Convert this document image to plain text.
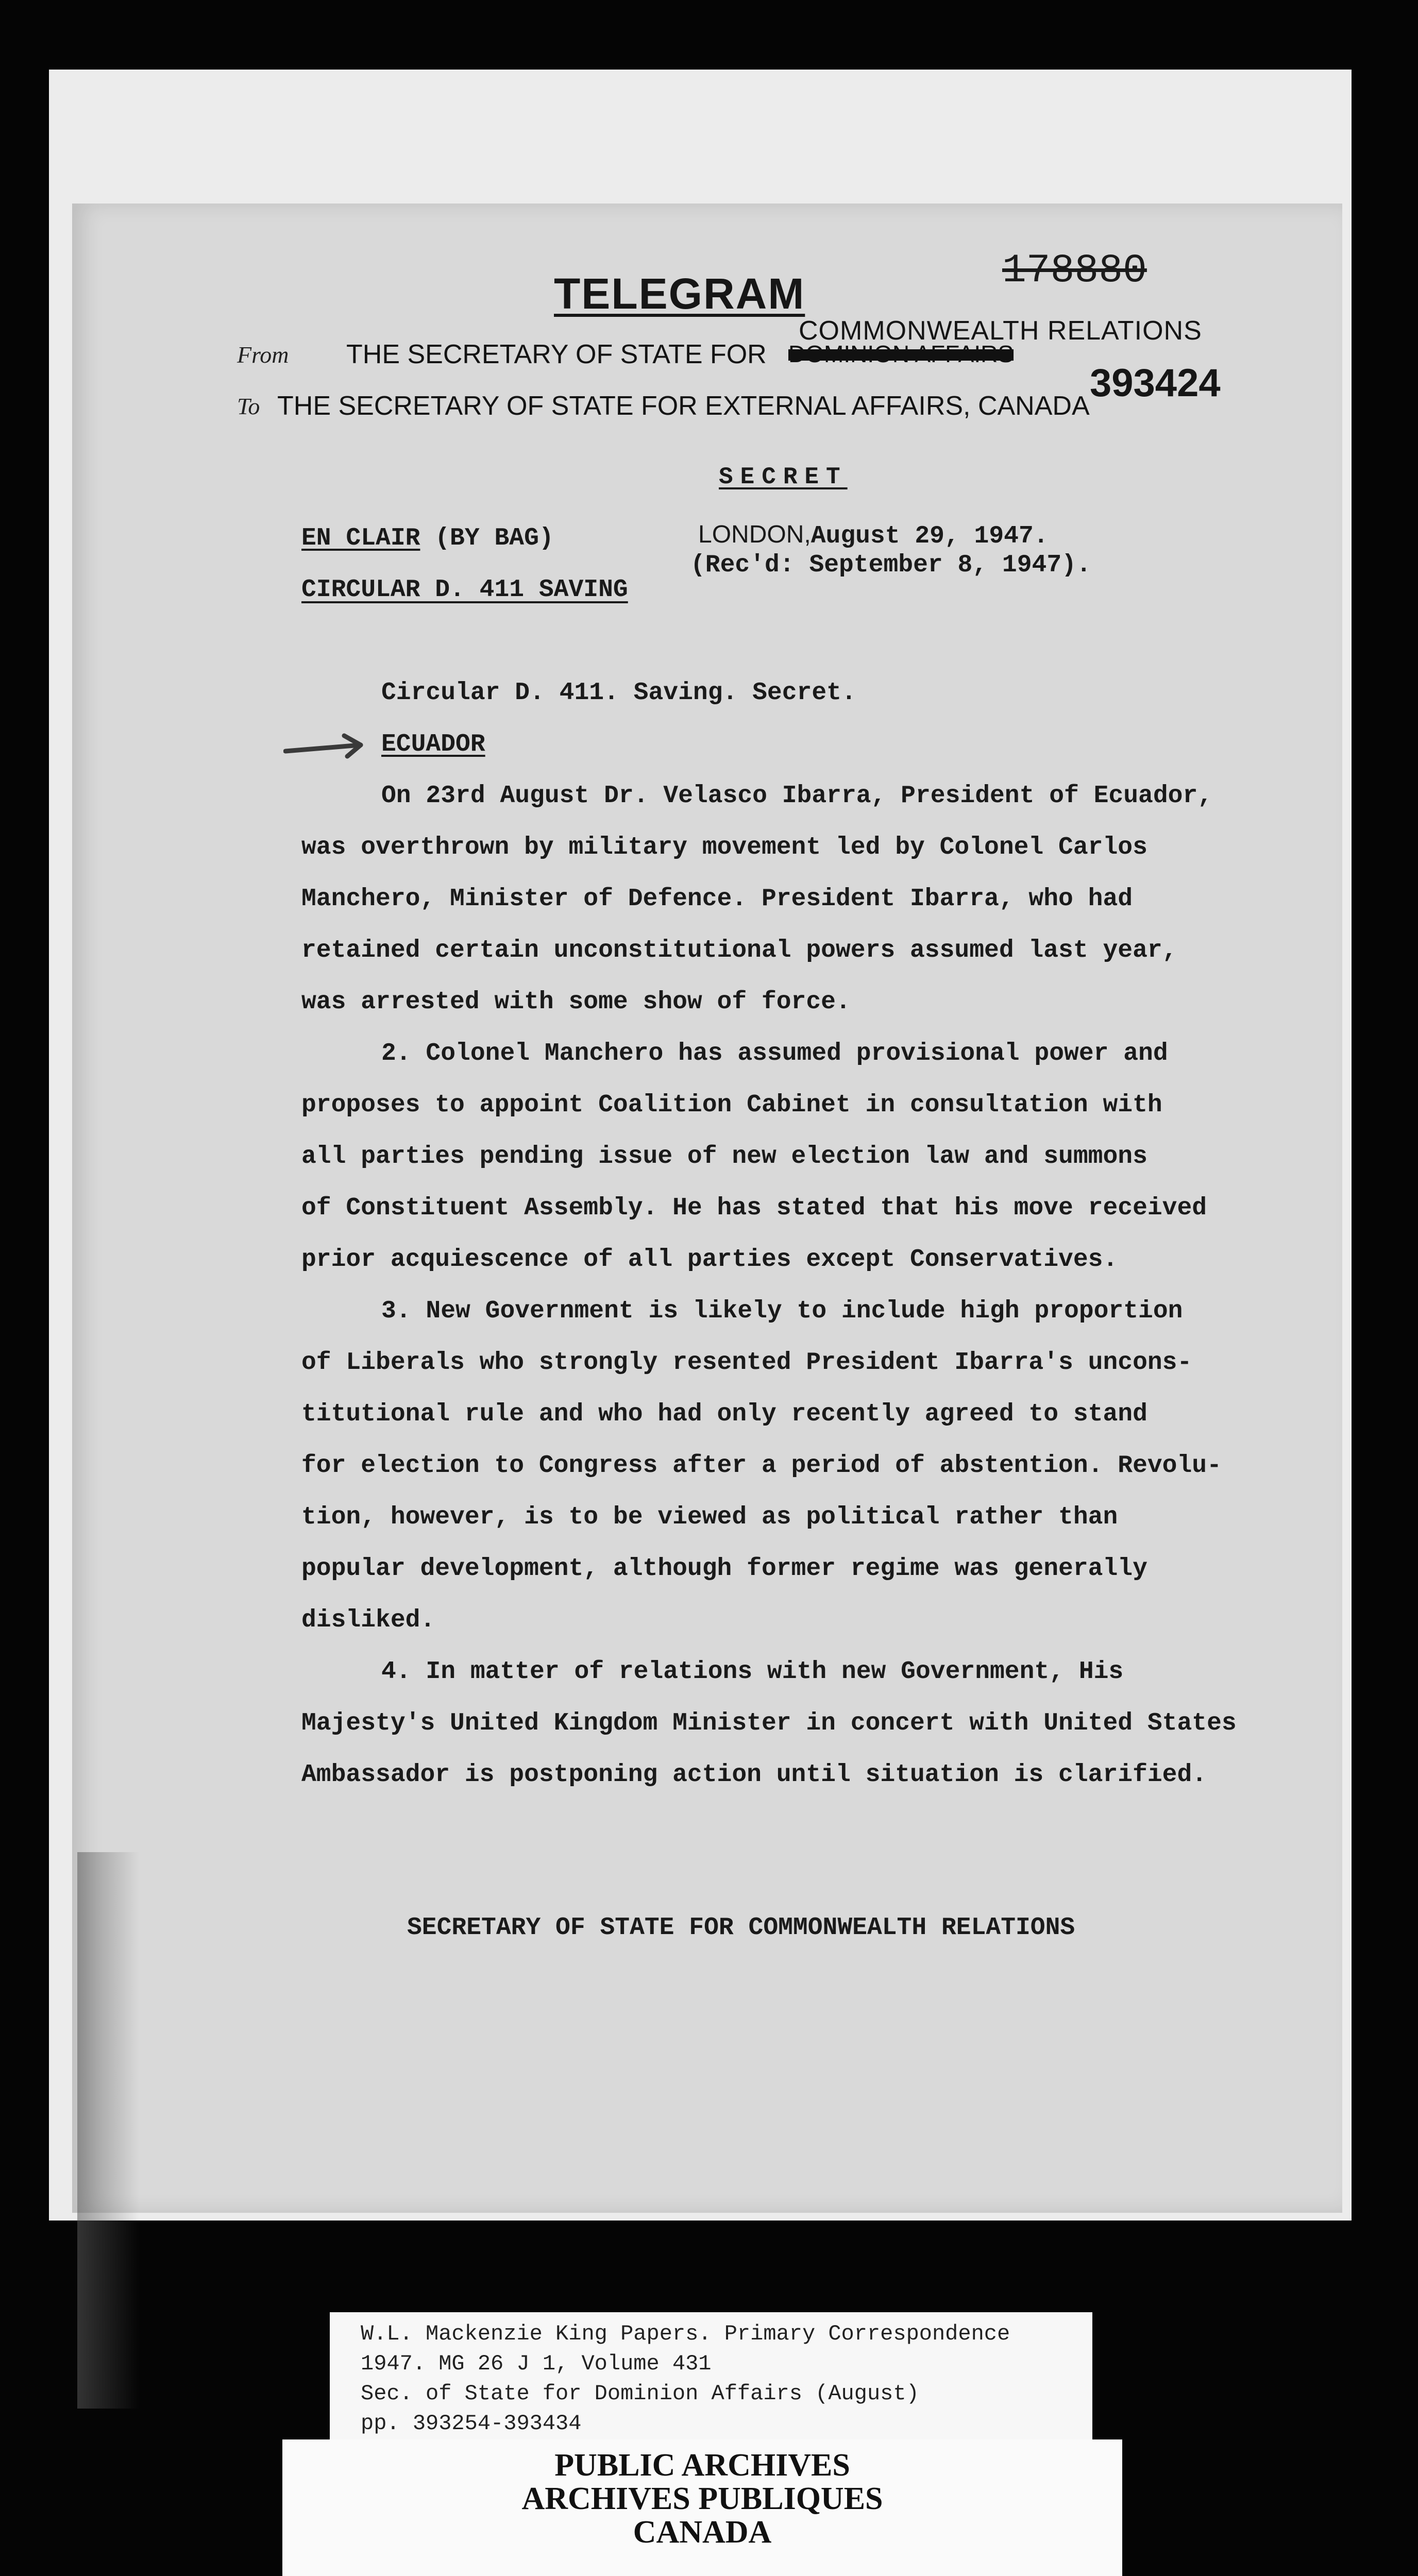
TELEGRAM	178880
COMMONWEALTH RELATIONS
From THE SECRETARY OF STATE FOR DOMINION AFFAIRS
393424
To THE SECRETARY OF STATE FOR EXTERNAL AFFAIRS, CANADA
SECRET
EN CLAIR (BY BAG)
CIRCULAR D. 411 SAVING
LONDON,August 29, 1947.
(Rec'd: September 8, 1947).
Circular D. 411. Saving. Secret.
ECUADOR
On 23rd August Dr. Velasco Ibarra, President of Ecuador,
was overthrown by military movement led by Colonel Carlos
Manchero, Minister of Defence. President Ibarra, who had
retained certain unconstitutional powers assumed last year,
was arrested with some show of force.
2. Colonel Manchero has assumed provisional power and
proposes to appoint Coalition Cabinet in consultation with
all parties pending issue of new election law and summons
of Constituent Assembly. He has stated that his move received
prior acquiescence of all parties except Conservatives.
3. New Government is likely to include high proportion
of Liberals who strongly resented President Ibarra's uncons-
titutional rule and who had only recently agreed to stand
for election to Congress after a period of abstention. Revolu-
tion, however, is to be viewed as political rather than
popular development, although former regime was generally
disliked.
4. In matter of relations with new Government, His
Majesty's United Kingdom Minister in concert with United States
Ambassador is postponing action until situation is clarified.
SECRETARY OF STATE FOR COMMONWEALTH RELATIONS
W.L. Mackenzie King Papers. Primary Correspondence
1947. MG 26 J 1, Volume 431
Sec. of State for Dominion Affairs (August)
pp. 393254-393434
PUBLIC ARCHIVES
ARCHIVES PUBLIQUES
CANADA
